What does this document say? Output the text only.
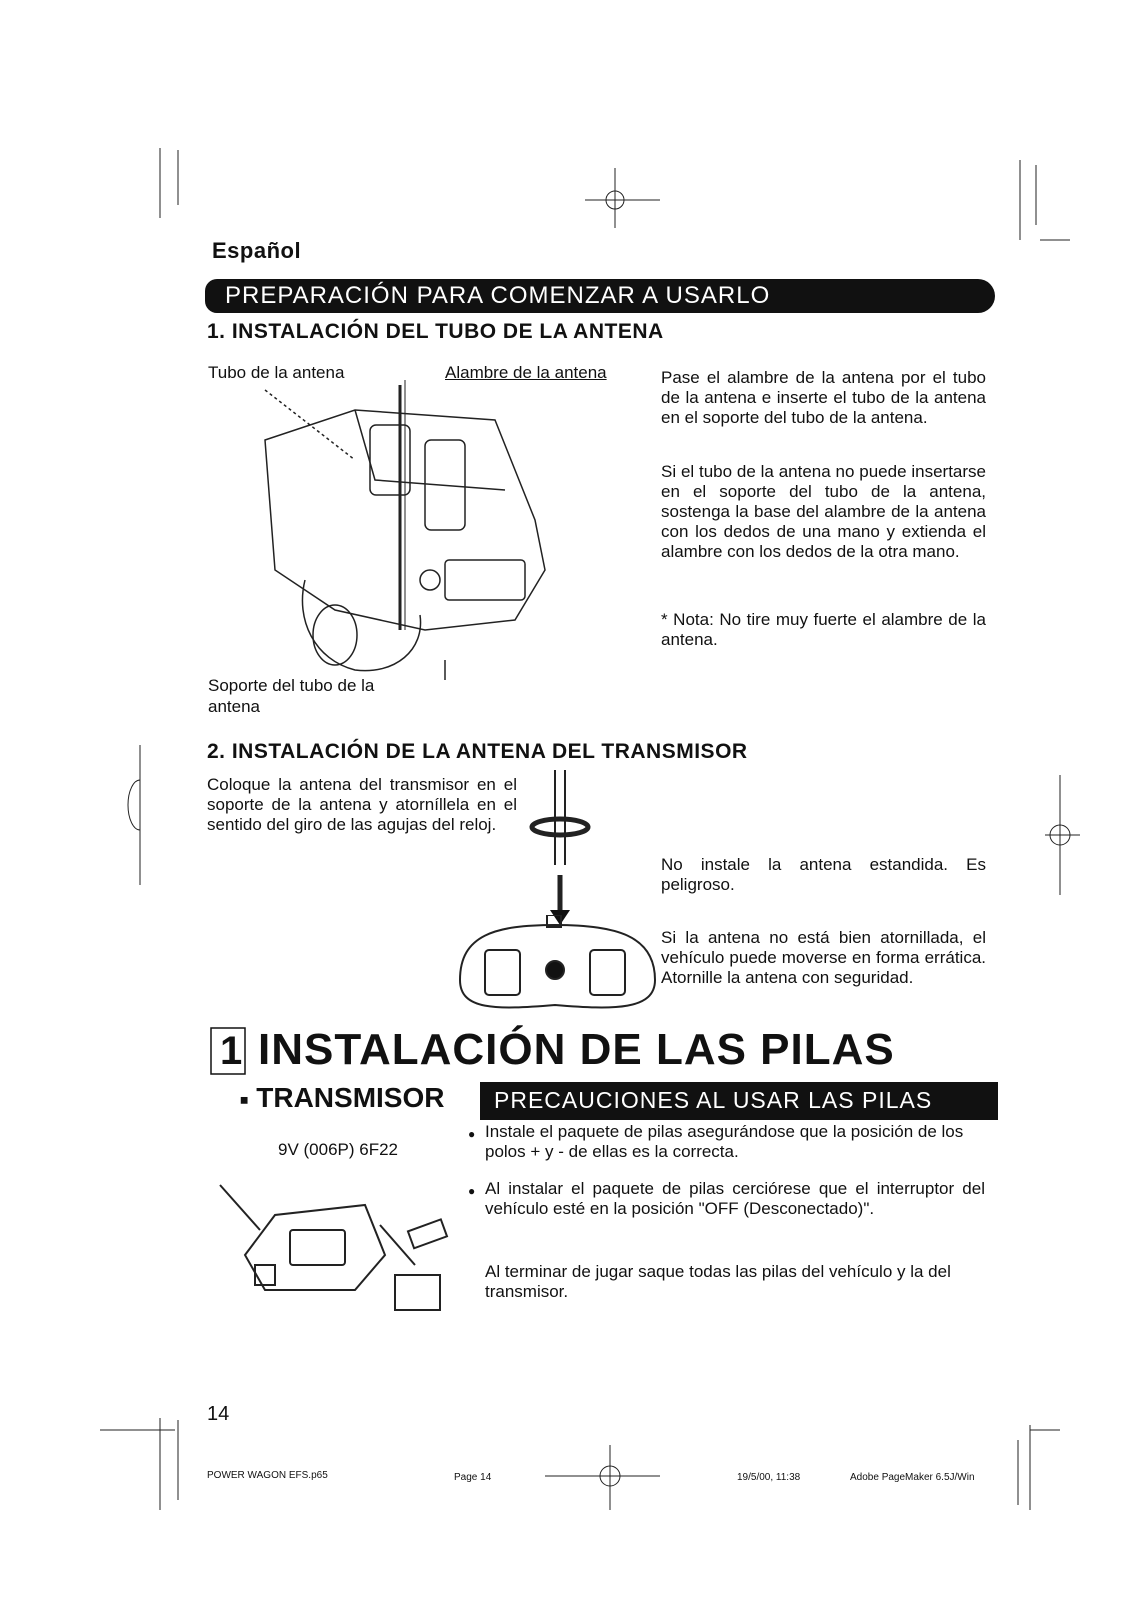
Español
PREPARACIÓN PARA COMENZAR A USARLO
1. INSTALACIÓN DEL TUBO DE LA ANTENA
Tubo de la antena	Alambre de la antena
Soporte del tubo de la antena
Pase el alambre de la antena por el tubo de la antena e inserte el tubo de la antena en el soporte del tubo de la antena.
Si el tubo de la antena no puede insertarse en el soporte del tubo de la antena, sostenga la base del alambre de la antena con los dedos de una mano y extienda el alambre con los dedos de la otra mano.
* Nota: No tire muy fuerte el alambre de la antena.
2. INSTALACIÓN DE LA ANTENA DEL TRANSMISOR
Coloque la antena del transmisor en el soporte de la antena y atorníllela en el sentido del giro de las agujas del reloj.
No instale la antena estandida. Es peligroso.
Si la antena no está bien atornillada, el vehículo puede moverse en forma errática. Atornille la antena con seguridad.
1 INSTALACIÓN DE LAS PILAS
■ TRANSMISOR PRECAUCIONES AL USAR LAS PILAS
9V (006P) 6F22
● Instale el paquete de pilas asegurándose que la posición de los polos + y - de ellas es la correcta.
● Al instalar el paquete de pilas cerciórese que el interruptor del vehículo esté en la posición "OFF (Desconectado)".
Al terminar de jugar saque todas las pilas del vehículo y la del transmisor.
14
POWER WAGON EFS.p65	Page 14	19/5/00, 11:38	Adobe PageMaker 6.5J/Win
